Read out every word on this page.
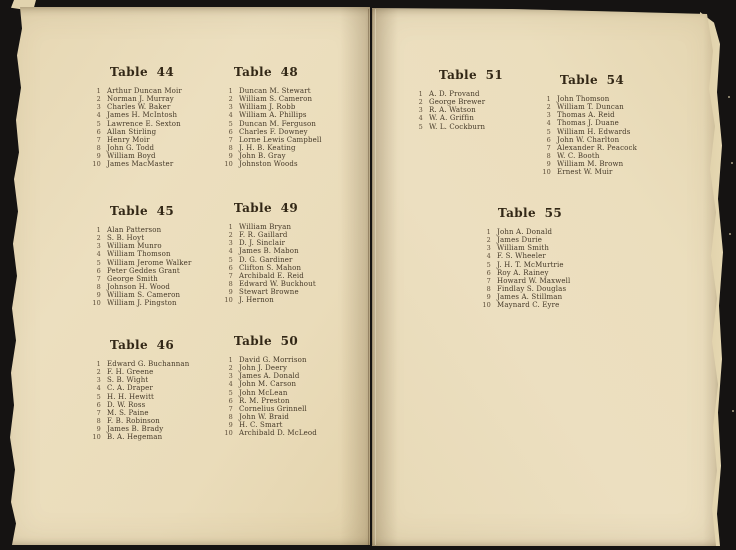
Table 44
1 Arthur Duncan Moir
2 Norman J. Murray
3 Charles W. Baker
4 James H. McIntosh
5 Lawrence E. Sexton
6 Allan Stirling
7 Henry Moir
8 John G. Todd
9 William Boyd
10 James MacMaster
Table 48
1 Duncan M. Stewart
2 William S. Cameron
3 William J. Robb
4 William A. Phillips
5 Duncan M. Ferguson
6 Charles F. Downey
7 Lorne Lewis Campbell
8 J. H. B. Keating
9 John B. Gray
10 Johnston Woods
Table 45
1 Alan Patterson
2 S. B. Hoyt
3 William Munro
4 William Thomson
5 William Jerome Walker
6 Peter Geddes Grant
7 George Smith
8 Johnson H. Wood
9 William S. Cameron
10 William J. Pingston
Table 49
1 William Bryan
2 F. R. Gaillard
3 D. J. Sinclair
4 James B. Mabon
5 D. G. Gardiner
6 Clifton S. Mahon
7 Archibald E. Reid
8 Edward W. Buckhout
9 Stewart Browne
10 J. Hernon
Table 46
1 Edward G. Buchannan
2 F. H. Greene
3 S. B. Wight
4 C. A. Draper
5 H. H. Hewitt
6 D. W. Ross
7 M. S. Paine
8 F. B. Robinson
9 James B. Brady
10 B. A. Hegeman
Table 50
1 David G. Morrison
2 John J. Deery
3 James A. Donald
4 John M. Carson
5 John McLean
6 R. M. Preston
7 Cornelius Grinnell
8 John W. Braid
9 H. C. Smart
10 Archibald D. McLeod
Table 51
1 A. D. Provand
2 George Brewer
3 R. A. Watson
4 W. A. Griffin
5 W. L. Cockburn
Table 54
1 John Thomson
2 William T. Duncan
3 Thomas A. Reid
4 Thomas J. Duane
5 William H. Edwards
6 John W. Charlton
7 Alexander R. Peacock
8 W. C. Booth
9 William M. Brown
10 Ernest W. Muir
Table 55
1 John A. Donald
2 James Durie
3 William Smith
4 F. S. Wheeler
5 J. H. T. McMurtrie
6 Roy A. Rainey
7 Howard W. Maxwell
8 Findlay S. Douglas
9 James A. Stillman
10 Maynard C. Eyre
